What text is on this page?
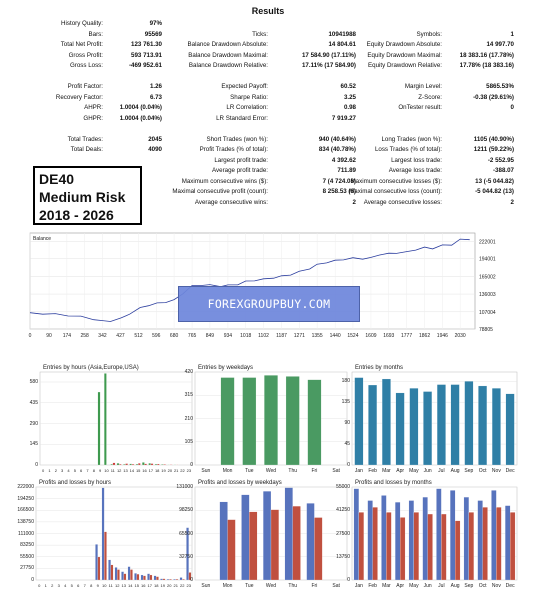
Results
History Quality:	97%
Bars:	95569
Total Net Profit:	123 761.30
Gross Profit:	593 713.91
Gross Loss:	-469 952.61
Profit Factor:	1.26
Recovery Factor:	6.73
AHPR:	1.0004 (0.04%)
GHPR:	1.0004 (0.04%)
Total Trades:	2045
Total Deals:	4090
Ticks:	10941988
Balance Drawdown Absolute:	14 804.61
Balance Drawdown Maximal:	17 584.90 (17.11%)
Balance Drawdown Relative:	17.11% (17 584.90)
Expected Payoff:	60.52
Sharpe Ratio:	3.25
LR Correlation:	0.98
LR Standard Error:	7 919.27
Short Trades (won %):	940 (40.64%)
Profit Trades (% of total):	834 (40.78%)
Largest profit trade:	4 392.62
Average profit trade:	711.89
Maximum consecutive wins ($):	7 (4 724.08)
Maximal consecutive profit (count):	8 258.53 (6)
Average consecutive wins:	2
Symbols:	1
Equity Drawdown Absolute:	14 997.70
Equity Drawdown Maximal:	18 383.16 (17.78%)
Equity Drawdown Relative:	17.78% (18 383.16)
Margin Level:	5865.53%
Z-Score:	-0.38 (29.61%)
OnTester result:	0
Long Trades (won %):	1105 (40.90%)
Loss Trades (% of total):	1211 (59.22%)
Largest loss trade:	-2 552.95
Average loss trade:	-388.07
Maximum consecutive losses ($):	13 (-5 044.82)
Maximal consecutive loss (count):	-5 044.82 (13)
Average consecutive losses:	2
DE40
Medium Risk
2018 - 2026
78805
107004
136003
165002
194001
222001
0	90 174 258 342 427 512 596 680 765 849 934 1018 1102 1187 1271 1355 1440 1524 1609 1693 1777 1862 1946 2030
Balance
FOREXGROUPBUY.COM
Entries by hours (Asia,Europe,USA)
0 1 2 3 4 5 6 7 8 9 10 11 12 13 14 15 16 17 18 19 20 21 22 23
0
145
290
435
580
Entries by weekdays
Sun Mon	Tue Wed Thu	Fri	Sat
0
105
210
315
420
Entries by months
Jan Feb Mar Apr May Jun Jul Aug Sep Oct Nov Dec
0
45
90
135
180
Profits and losses by hours
0 1 2 3 4 5 6 7 8 9 10 11 12 13 14 15 16 17 18 19 20 21 22 23
0
27750
55500
83250
111000
138750
166500
194250
222000
Profits and losses by weekdays
Sun Mon	Tue Wed Thu	Fri	Sat
0
32750
65500
98250
131000
Profits and losses by months
Jan Feb Mar Apr May Jun Jul Aug Sep Oct Nov Dec
0
13750
27500
41250
55000
